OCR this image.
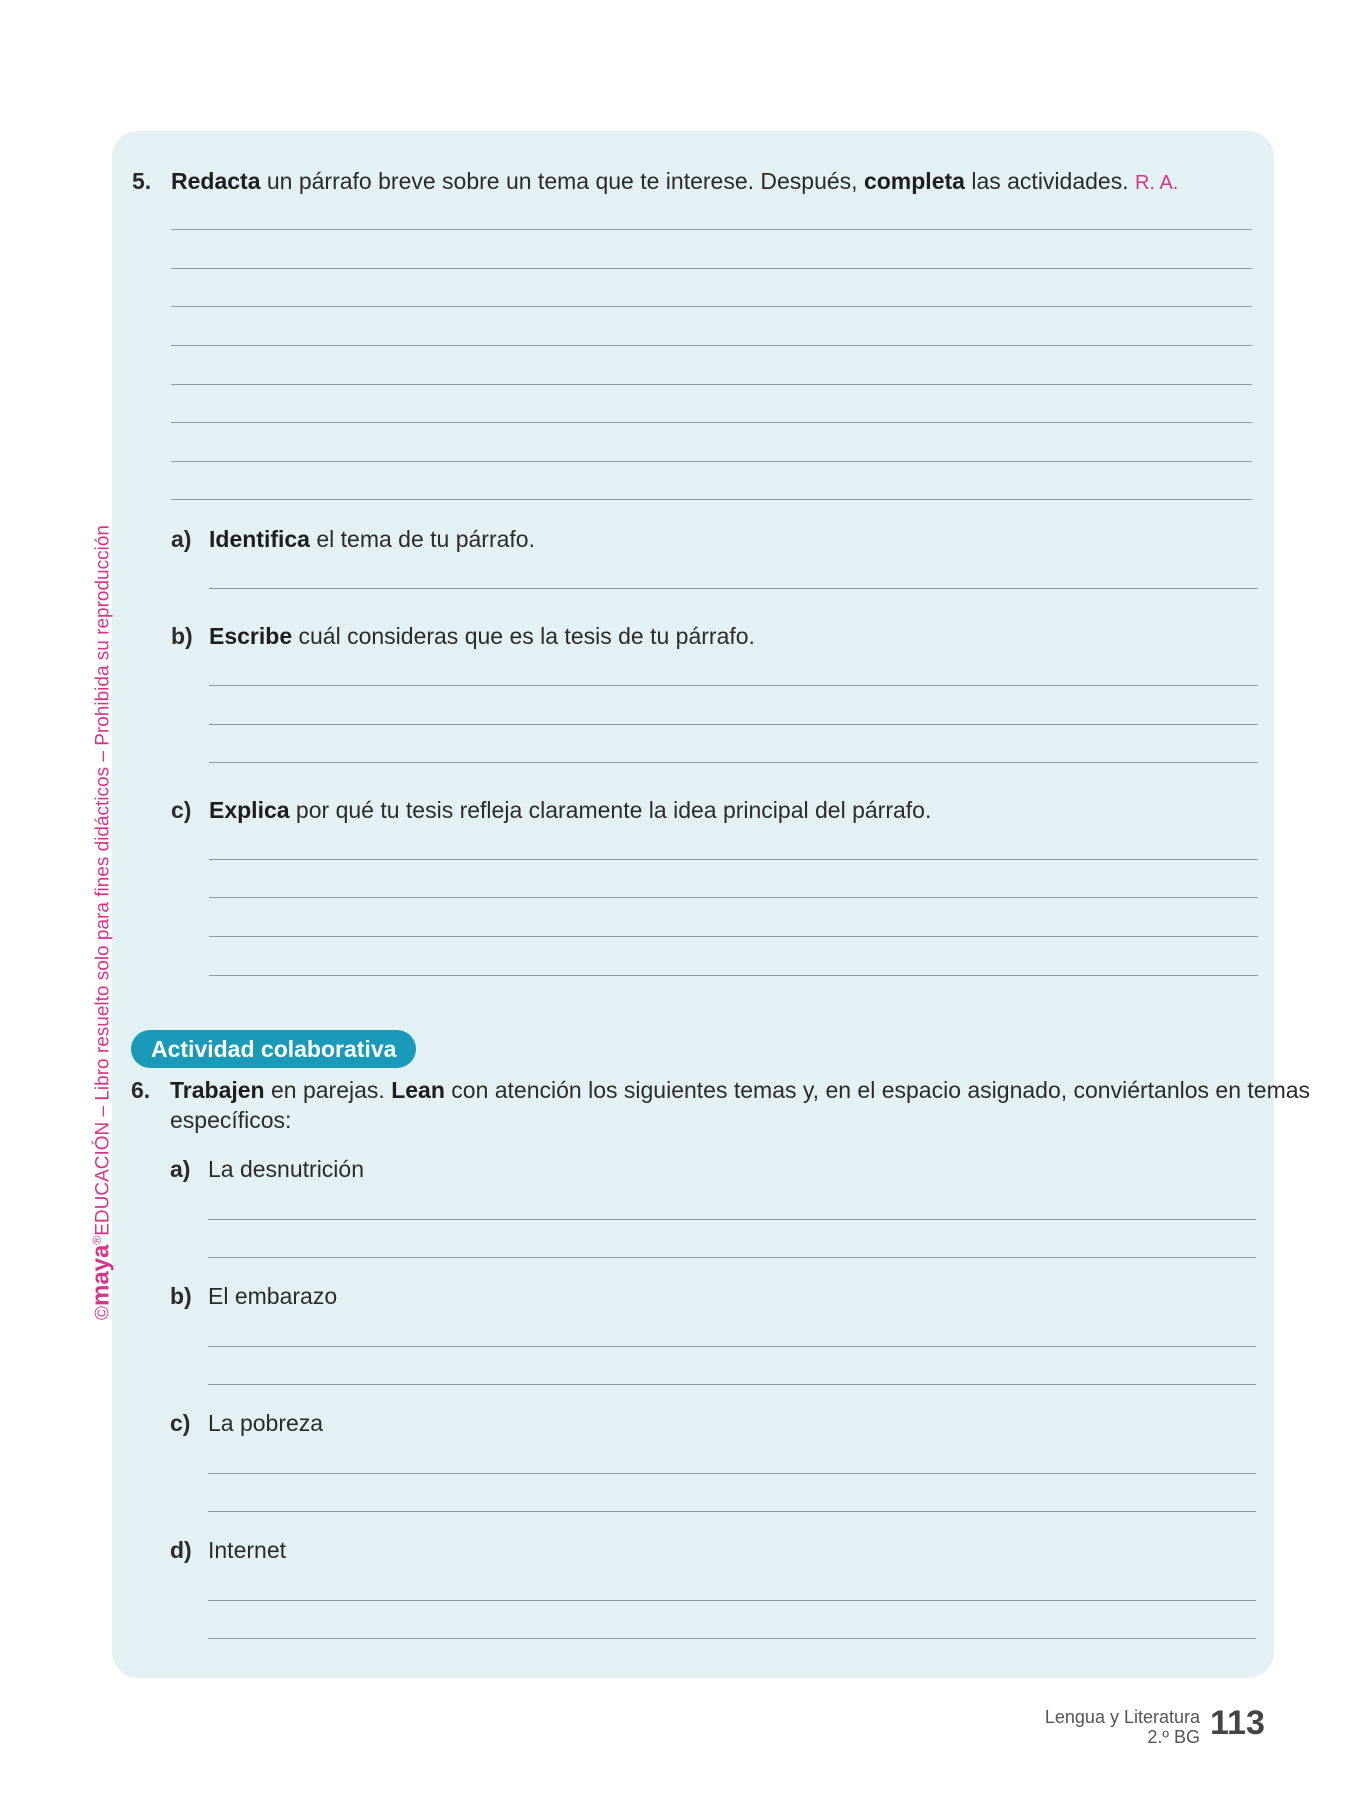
©maya®EDUCACIÓN – Libro resuelto solo para fines didácticos – Prohibida su reproducción
5. Redacta un párrafo breve sobre un tema que te interese. Después, completa las actividades. R. A.
a) Identifica el tema de tu párrafo.
b) Escribe cuál consideras que es la tesis de tu párrafo.
c) Explica por qué tu tesis refleja claramente la idea principal del párrafo.
Actividad colaborativa
6. Trabajen en parejas. Lean con atención los siguientes temas y, en el espacio asignado, conviértanlos en temas
específicos:
a) La desnutrición
b) El embarazo
c) La pobreza
d) Internet
Lengua y Literatura
2.º BG 113
